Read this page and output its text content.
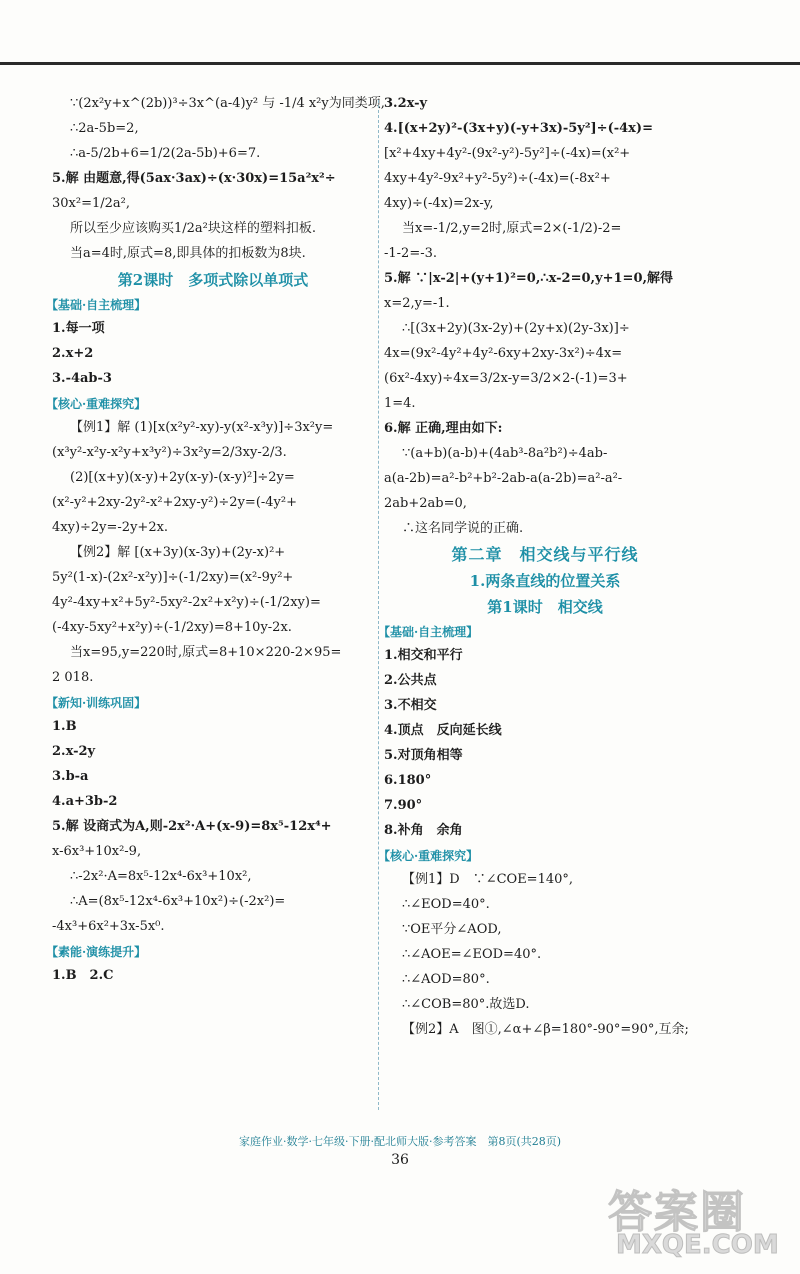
∵(2x²y+x^(2b))³÷3x^(a-4)y² 与 -1/4 x²y为同类项,
∴2a-5b=2,
∴a-5/2b+6=1/2(2a-5b)+6=7.
5.解 由题意,得(5ax·3ax)÷(x·30x)=15a²x²÷
30x²=1/2a²,
所以至少应该购买1/2a²块这样的塑料扣板.
当a=4时,原式=8,即具体的扣板数为8块.
第2课时　多项式除以单项式
【基础·自主梳理】
1.每一项
2.x+2
3.-4ab-3
【核心·重难探究】
【例1】解 (1)[x(x²y²-xy)-y(x²-x³y)]÷3x²y=
(x³y²-x²y-x²y+x³y²)÷3x²y=2/3xy-2/3.
(2)[(x+y)(x-y)+2y(x-y)-(x-y)²]÷2y=
(x²-y²+2xy-2y²-x²+2xy-y²)÷2y=(-4y²+
4xy)÷2y=-2y+2x.
【例2】解 [(x+3y)(x-3y)+(2y-x)²+
5y²(1-x)-(2x²-x²y)]÷(-1/2xy)=(x²-9y²+
4y²-4xy+x²+5y²-5xy²-2x²+x²y)÷(-1/2xy)=
(-4xy-5xy²+x²y)÷(-1/2xy)=8+10y-2x.
当x=95,y=220时,原式=8+10×220-2×95=
2 018.
【新知·训练巩固】
1.B
2.x-2y
3.b-a
4.a+3b-2
5.解 设商式为A,则-2x²·A+(x-9)=8x⁵-12x⁴+
x-6x³+10x²-9,
∴-2x²·A=8x⁵-12x⁴-6x³+10x²,
∴A=(8x⁵-12x⁴-6x³+10x²)÷(-2x²)=
-4x³+6x²+3x-5x⁰.
【素能·演练提升】
1.B　2.C
3.2x-y
4.[(x+2y)²-(3x+y)(-y+3x)-5y²]÷(-4x)=
[x²+4xy+4y²-(9x²-y²)-5y²]÷(-4x)=(x²+
4xy+4y²-9x²+y²-5y²)÷(-4x)=(-8x²+
4xy)÷(-4x)=2x-y,
当x=-1/2,y=2时,原式=2×(-1/2)-2=
-1-2=-3.
5.解 ∵|x-2|+(y+1)²=0,∴x-2=0,y+1=0,解得
x=2,y=-1.
∴[(3x+2y)(3x-2y)+(2y+x)(2y-3x)]÷
4x=(9x²-4y²+4y²-6xy+2xy-3x²)÷4x=
(6x²-4xy)÷4x=3/2x-y=3/2×2-(-1)=3+
1=4.
6.解 正确,理由如下:
∵(a+b)(a-b)+(4ab³-8a²b²)÷4ab-
a(a-2b)=a²-b²+b²-2ab-a(a-2b)=a²-a²-
2ab+2ab=0,
∴这名同学说的正确.
第二章　相交线与平行线
1.两条直线的位置关系
第1课时　相交线
【基础·自主梳理】
1.相交和平行
2.公共点
3.不相交
4.顶点　反向延长线
5.对顶角相等
6.180°
7.90°
8.补角　余角
【核心·重难探究】
【例1】D　∵∠COE=140°,
∴∠EOD=40°.
∵OE平分∠AOD,
∴∠AOE=∠EOD=40°.
∴∠AOD=80°.
∴∠COB=80°.故选D.
【例2】A　图①,∠α+∠β=180°-90°=90°,互余;
家庭作业·数学·七年级·下册·配北师大版·参考答案　第8页(共28页)
36
答案圈
MXQE.COM
